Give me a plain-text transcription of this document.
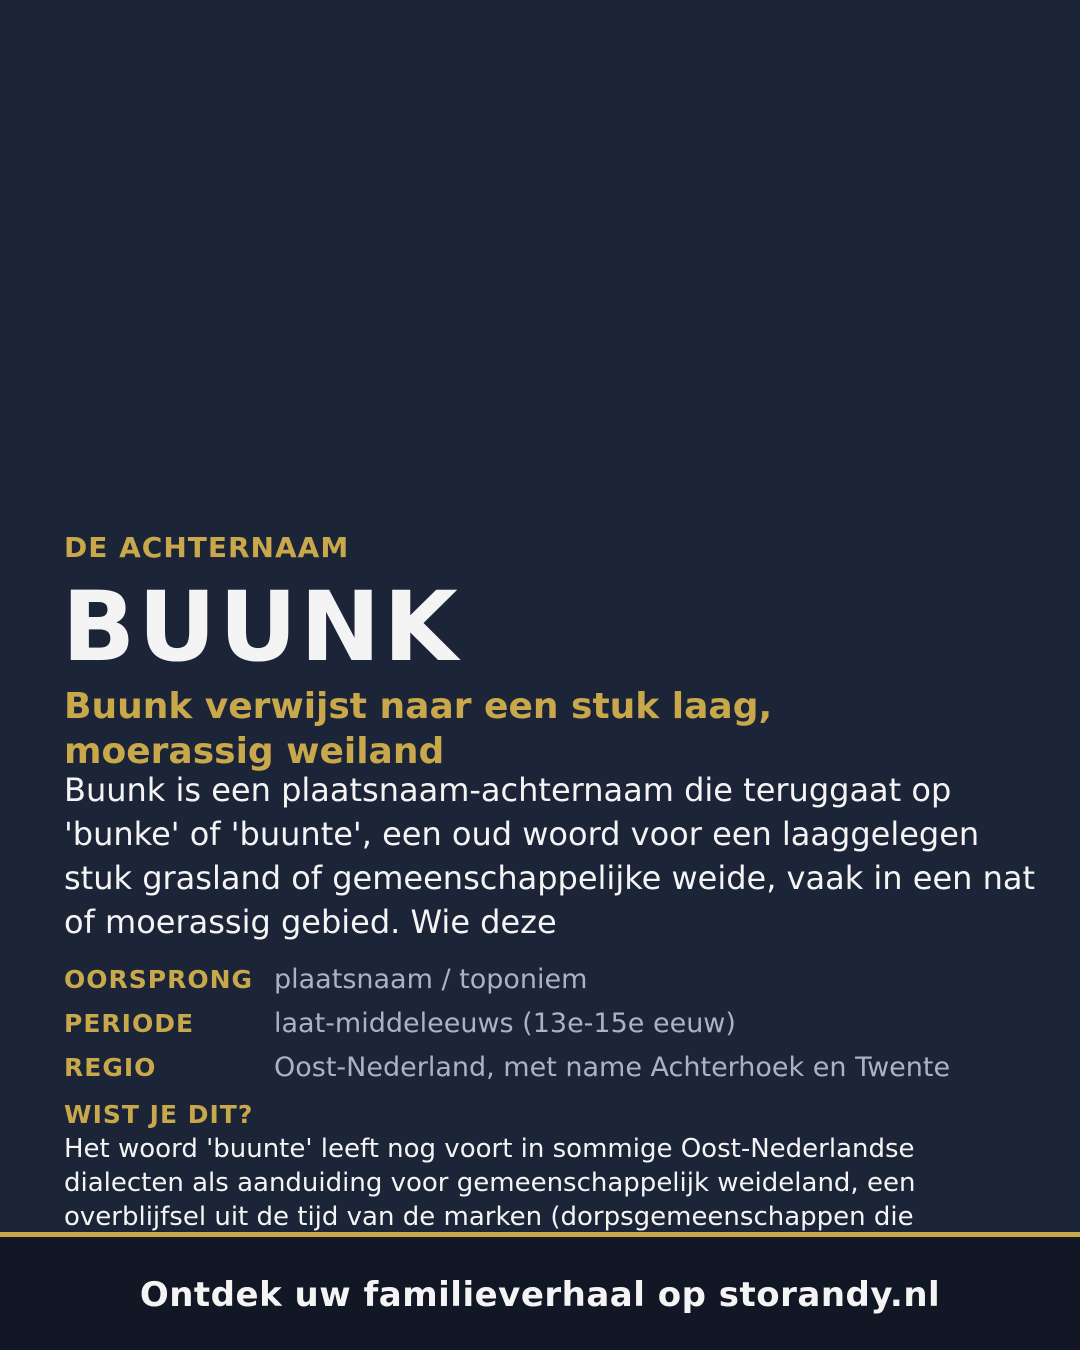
DE ACHTERNAAM
BUUNK
Buunk verwijst naar een stuk laag, moerassig weiland
Buunk is een plaatsnaam-achternaam die teruggaat op 'bunke' of 'buunte', een oud woord voor een laaggelegen stuk grasland of gemeenschappelijke weide, vaak in een nat of moerassig gebied. Wie deze
OORSPRONG plaatsnaam / toponiem
PERIODE	laat-middeleeuws (13e-15e eeuw)
REGIO	Oost-Nederland, met name Achterhoek en Twente
WIST JE DIT?
Het woord 'buunte' leeft nog voort in sommige Oost-Nederlandse dialecten als aanduiding voor gemeenschappelijk weideland, een overblijfsel uit de tijd van de marken (dorpsgemeenschappen die
Ontdek uw familieverhaal op storandy.nl
